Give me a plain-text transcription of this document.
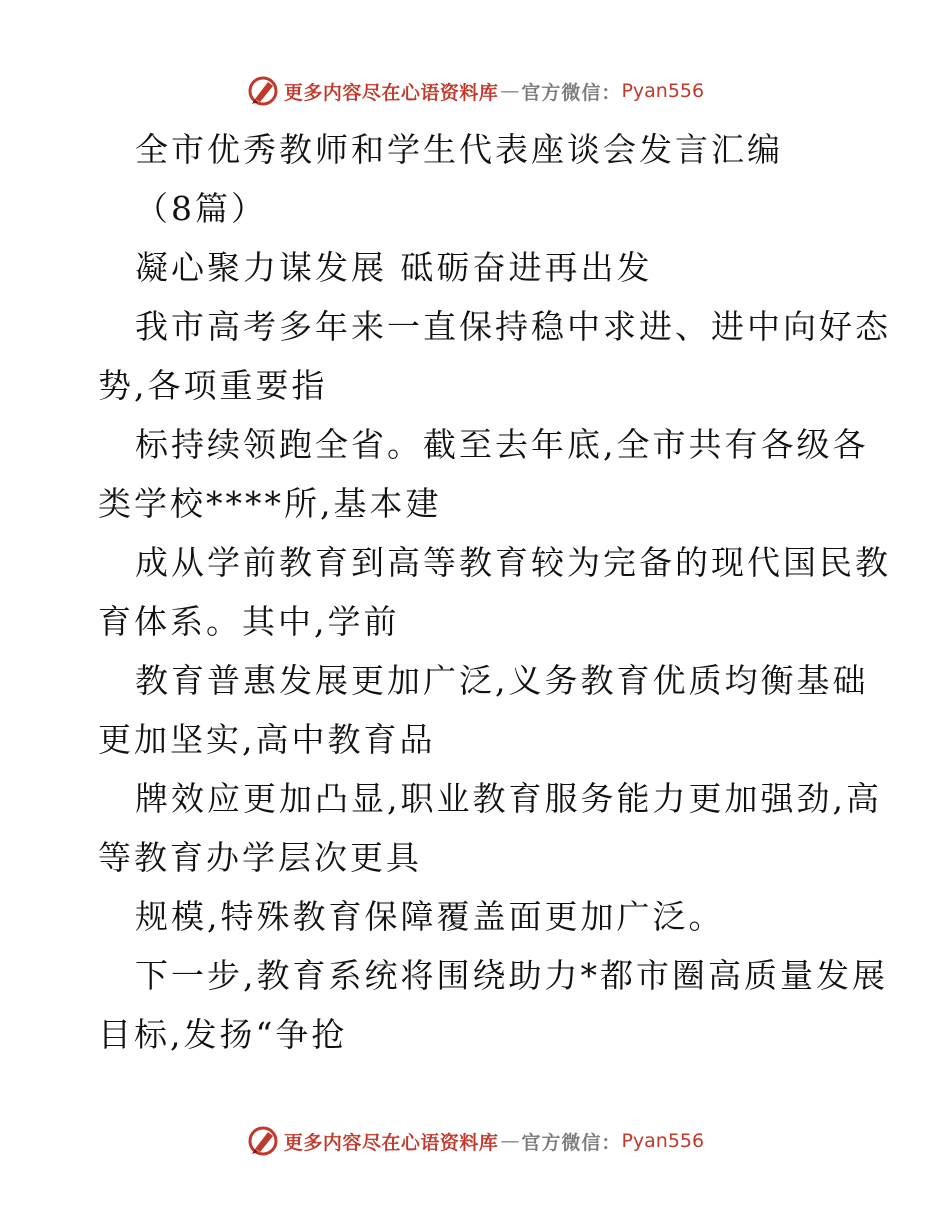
更多内容尽在心语资料库 — 官方微信： Pyan556
全市优秀教师和学生代表座谈会发言汇编
（8篇）
凝心聚力谋发展 砥砺奋进再出发
我市高考多年来一直保持稳中求进、进中向好态
势,各项重要指
标持续领跑全省。截至去年底,全市共有各级各
类学校****所,基本建
成从学前教育到高等教育较为完备的现代国民教
育体系。其中,学前
教育普惠发展更加广泛,义务教育优质均衡基础
更加坚实,高中教育品
牌效应更加凸显,职业教育服务能力更加强劲,高
等教育办学层次更具
规模,特殊教育保障覆盖面更加广泛。
下一步,教育系统将围绕助力*都市圈高质量发展
目标,发扬“争抢
更多内容尽在心语资料库 — 官方微信： Pyan556
